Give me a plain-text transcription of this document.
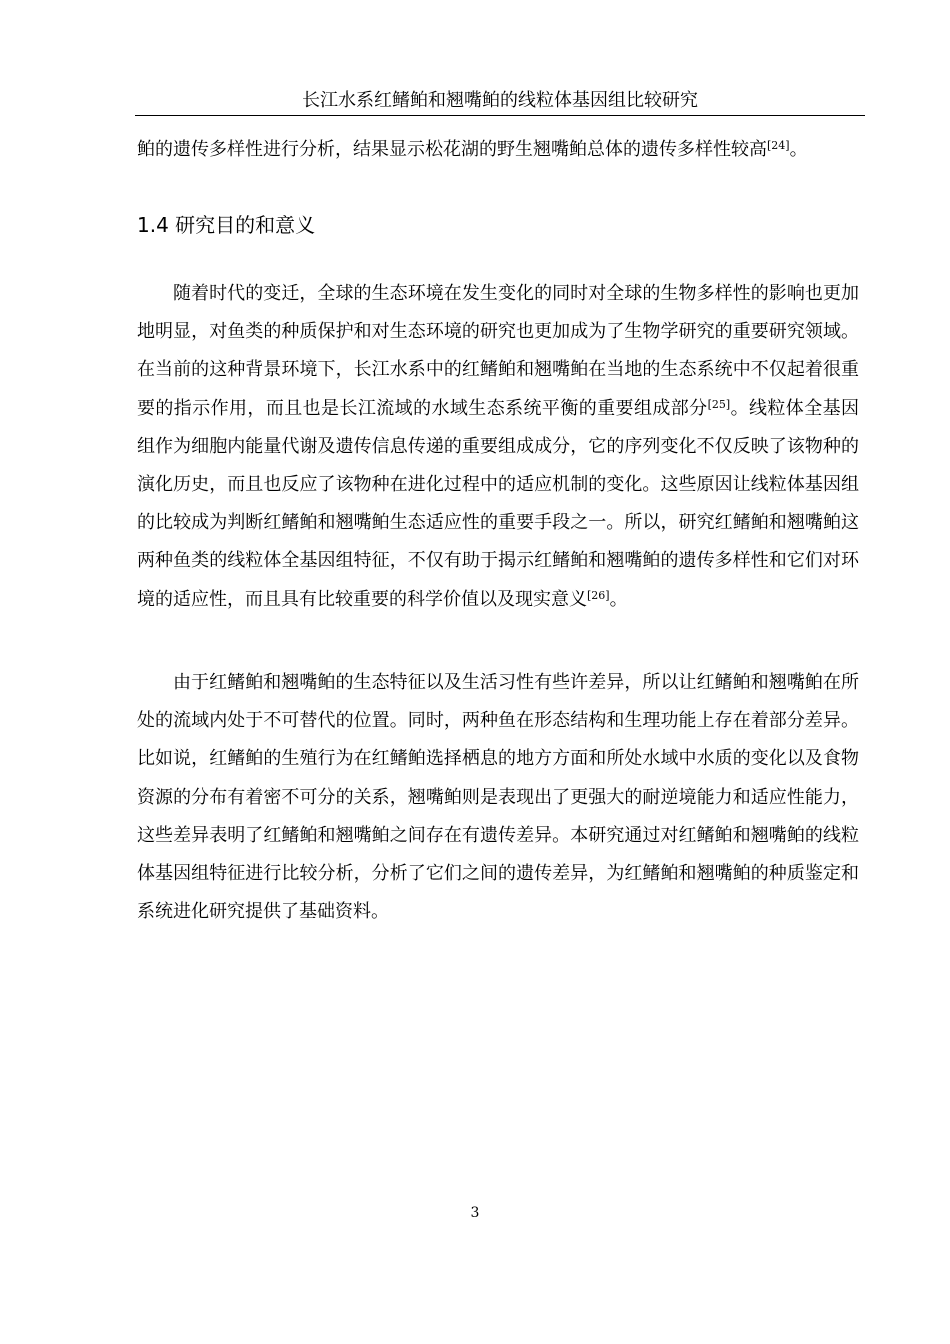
长江水系红鳍鲌和翘嘴鲌的线粒体基因组比较研究

鲌的遗传多样性进行分析，结果显示松花湖的野生翘嘴鲌总体的遗传多样性较高[24]。

1.4 研究目的和意义

随着时代的变迁，全球的生态环境在发生变化的同时对全球的生物多样性的影响也更加地明显，对鱼类的种质保护和对生态环境的研究也更加成为了生物学研究的重要研究领域。在当前的这种背景环境下，长江水系中的红鳍鲌和翘嘴鲌在当地的生态系统中不仅起着很重要的指示作用，而且也是长江流域的水域生态系统平衡的重要组成部分[25]。线粒体全基因组作为细胞内能量代谢及遗传信息传递的重要组成成分，它的序列变化不仅反映了该物种的演化历史，而且也反应了该物种在进化过程中的适应机制的变化。这些原因让线粒体基因组的比较成为判断红鳍鲌和翘嘴鲌生态适应性的重要手段之一。所以，研究红鳍鲌和翘嘴鲌这两种鱼类的线粒体全基因组特征，不仅有助于揭示红鳍鲌和翘嘴鲌的遗传多样性和它们对环境的适应性，而且具有比较重要的科学价值以及现实意义[26]。

由于红鳍鲌和翘嘴鲌的生态特征以及生活习性有些许差异，所以让红鳍鲌和翘嘴鲌在所处的流域内处于不可替代的位置。同时，两种鱼在形态结构和生理功能上存在着部分差异。比如说，红鳍鲌的生殖行为在红鳍鲌选择栖息的地方方面和所处水域中水质的变化以及食物资源的分布有着密不可分的关系，翘嘴鲌则是表现出了更强大的耐逆境能力和适应性能力，这些差异表明了红鳍鲌和翘嘴鲌之间存在有遗传差异。本研究通过对红鳍鲌和翘嘴鲌的线粒体基因组特征进行比较分析，分析了它们之间的遗传差异，为红鳍鲌和翘嘴鲌的种质鉴定和系统进化研究提供了基础资料。

3
